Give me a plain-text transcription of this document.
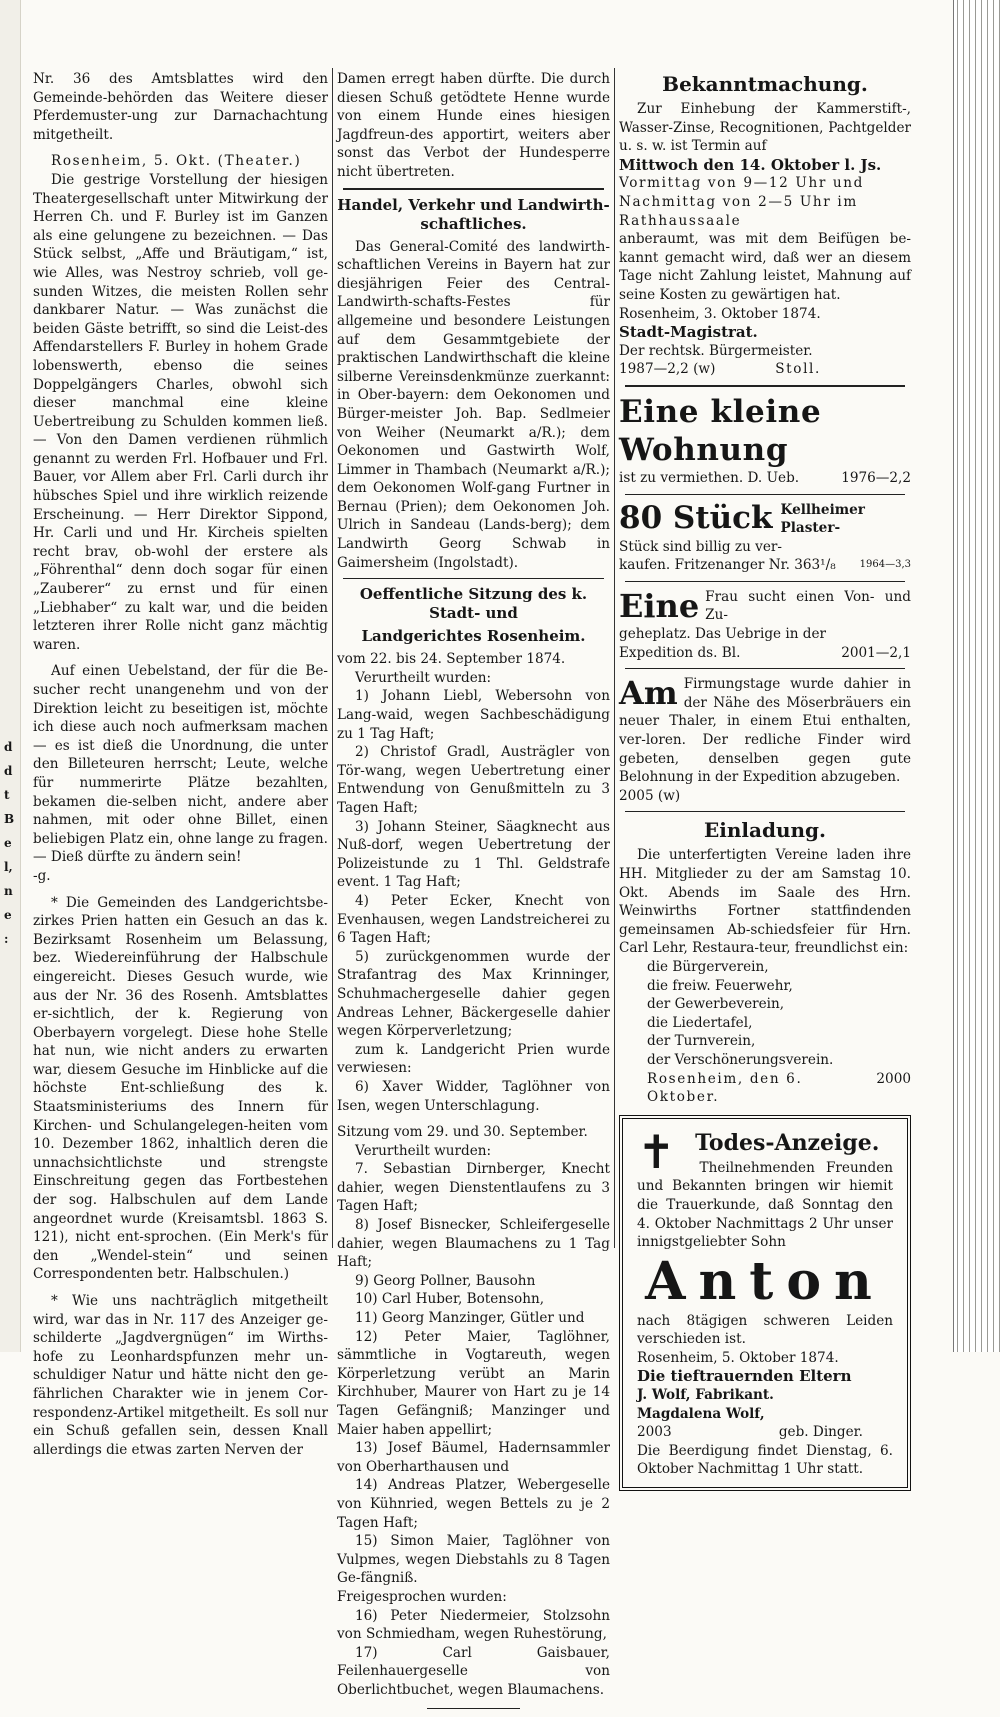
d
d
t
B
e
l,
n
e
:

Nr. 36 des Amtsblattes wird den Gemeinde-behörden das Weitere dieser Pferdemuster-ung zur Darnachachtung mitgetheilt.

Rosenheim, 5. Okt. (Theater.)

Die gestrige Vorstellung der hiesigen Theatergesellschaft unter Mitwirkung der Herren Ch. und F. Burley ist im Ganzen als eine gelungene zu bezeichnen. — Das Stück selbst, „Affe und Bräutigam,“ ist, wie Alles, was Nestroy schrieb, voll ge-sunden Witzes, die meisten Rollen sehr dankbarer Natur. — Was zunächst die beiden Gäste betrifft, so sind die Leist-des Affendarstellers F. Burley in hohem Grade lobenswerth, ebenso die seines Doppelgängers Charles, obwohl sich dieser manchmal eine kleine Uebertreibung zu Schulden kommen ließ. — Von den Damen verdienen rühmlich genannt zu werden Frl. Hofbauer und Frl. Bauer, vor Allem aber Frl. Carli durch ihr hübsches Spiel und ihre wirklich reizende Erscheinung. — Herr Direktor Sippond, Hr. Carli und und Hr. Kircheis spielten recht brav, ob-wohl der erstere als „Föhrenthal“ denn doch sogar für einen „Zauberer“ zu ernst und für einen „Liebhaber“ zu kalt war, und die beiden letzteren ihrer Rolle nicht ganz mächtig waren.

Auf einen Uebelstand, der für die Be-sucher recht unangenehm und von der Direktion leicht zu beseitigen ist, möchte ich diese auch noch aufmerksam machen — es ist dieß die Unordnung, die unter den Billeteuren herrscht; Leute, welche für nummerirte Plätze bezahlten, bekamen die-selben nicht, andere aber nahmen, mit oder ohne Billet, einen beliebigen Platz ein, ohne lange zu fragen. — Dieß dürfte zu ändern sein!

-g.

* Die Gemeinden des Landgerichtsbe-zirkes Prien hatten ein Gesuch an das k. Bezirksamt Rosenheim um Belassung, bez. Wiedereinführung der Halbschule eingereicht. Dieses Gesuch wurde, wie aus der Nr. 36 des Rosenh. Amtsblattes er-sichtlich, der k. Regierung von Oberbayern vorgelegt. Diese hohe Stelle hat nun, wie nicht anders zu erwarten war, diesem Gesuche im Hinblicke auf die höchste Ent-schließung des k. Staatsministeriums des Innern für Kirchen- und Schulangelegen-heiten vom 10. Dezember 1862, inhaltlich deren die unnachsichtlichste und strengste Einschreitung gegen das Fortbestehen der sog. Halbschulen auf dem Lande angeordnet wurde (Kreisamtsbl. 1863 S. 121), nicht ent-sprochen. (Ein Merk's für den „Wendel-stein“ und seinen Correspondenten betr. Halbschulen.)

* Wie uns nachträglich mitgetheilt wird, war das in Nr. 117 des Anzeiger ge-schilderte „Jagdvergnügen“ im Wirths-hofe zu Leonhardspfunzen mehr un-schuldiger Natur und hätte nicht den ge-fährlichen Charakter wie in jenem Cor-respondenz-Artikel mitgetheilt. Es soll nur ein Schuß gefallen sein, dessen Knall allerdings die etwas zarten Nerven der

Damen erregt haben dürfte. Die durch diesen Schuß getödtete Henne wurde von einem Hunde eines hiesigen Jagdfreun-des apportirt, weiters aber sonst das Verbot der Hundesperre nicht übertreten.

Handel, Verkehr und Landwirth-schaftliches.

Das General-Comité des landwirth-schaftlichen Vereins in Bayern hat zur diesjährigen Feier des Central-Landwirth-schafts-Festes für allgemeine und besondere Leistungen auf dem Gesammtgebiete der praktischen Landwirthschaft die kleine silberne Vereinsdenkmünze zuerkannt: in Ober-bayern: dem Oekonomen und Bürger-meister Joh. Bap. Sedlmeier von Weiher (Neumarkt a/R.); dem Oekonomen und Gastwirth Wolf, Limmer in Thambach (Neumarkt a/R.); dem Oekonomen Wolf-gang Furtner in Bernau (Prien); dem Oekonomen Joh. Ulrich in Sandeau (Lands-berg); dem Landwirth Georg Schwab in Gaimersheim (Ingolstadt).

Oeffentliche Sitzung des k. Stadt- und
Landgerichtes Rosenheim.

vom 22. bis 24. September 1874.

Verurtheilt wurden:

1) Johann Liebl, Webersohn von Lang-waid, wegen Sachbeschädigung zu 1 Tag Haft;

2) Christof Gradl, Austrägler von Tör-wang, wegen Uebertretung einer Entwendung von Genußmitteln zu 3 Tagen Haft;

3) Johann Steiner, Säagknecht aus Nuß-dorf, wegen Uebertretung der Polizeistunde zu 1 Thl. Geldstrafe event. 1 Tag Haft;

4) Peter Ecker, Knecht von Evenhausen, wegen Landstreicherei zu 6 Tagen Haft;

5) zurückgenommen wurde der Strafantrag des Max Krinninger, Schuhmachergeselle dahier gegen Andreas Lehner, Bäckergeselle dahier wegen Körperverletzung;

zum k. Landgericht Prien wurde verwiesen:

6) Xaver Widder, Taglöhner von Isen, wegen Unterschlagung.

Sitzung vom 29. und 30. September.

Verurtheilt wurden:

7. Sebastian Dirnberger, Knecht dahier, wegen Dienstentlaufens zu 3 Tagen Haft;

8) Josef Bisnecker, Schleifergeselle dahier, wegen Blaumachens zu 1 Tag Haft;

9) Georg Pollner, Bausohn

10) Carl Huber, Botensohn,

11) Georg Manzinger, Gütler und

12) Peter Maier, Taglöhner, sämmtliche in Vogtareuth, wegen Körperletzung verübt an Marin Kirchhuber, Maurer von Hart zu je 14 Tagen Gefängniß; Manzinger und Maier haben appellirt;

13) Josef Bäumel, Hadernsammler von Oberharthausen und

14) Andreas Platzer, Webergeselle von Kühnried, wegen Bettels zu je 2 Tagen Haft;

15) Simon Maier, Taglöhner von Vulpmes, wegen Diebstahls zu 8 Tagen Ge-fängniß.

Freigesprochen wurden:

16) Peter Niedermeier, Stolzsohn von Schmiedham, wegen Ruhestörung,

17) Carl Gaisbauer, Feilenhauergeselle von Oberlichtbuchet, wegen Blaumachens.

Bekanntmachung.

Zur Einhebung der Kammerstift-, Wasser-Zinse, Recognitionen, Pachtgelder u. s. w. ist Termin auf

Mittwoch den 14. Oktober l. Js.

Vormittag von 9—12 Uhr und

Nachmittag von 2—5 Uhr im

Rathhaussaale

anberaumt, was mit dem Beifügen be-kannt gemacht wird, daß wer an diesem Tage nicht Zahlung leistet, Mahnung auf seine Kosten zu gewärtigen hat.

Rosenheim, 3. Oktober 1874.

Stadt-Magistrat.

Der rechtsk. Bürgermeister.

1987—2,2 (w)	Stoll.
Eine kleine Wohnung
ist zu vermiethen. D. Ueb.	1976—2,2
80 Stück Kellheimer Plaster-

Stück sind billig zu ver-

kaufen. Fritzenanger Nr. 363¹/₈ 1964—3,3
Eine Frau sucht einen Von- und Zu-

geheplatz. Das Uebrige in der

Expedition ds. Bl.	2001—2,1
Am Firmungstage wurde dahier in der Nähe des Möserbräuers ein neuer Thaler, in einem Etui enthalten, ver-loren. Der redliche Finder wird gebeten, denselben gegen gute Belohnung in der Expedition abzugeben.

2005 (w)

Einladung.

Die unterfertigten Vereine laden ihre HH. Mitglieder zu der am Samstag 10. Okt. Abends im Saale des Hrn. Weinwirths Fortner stattfindenden gemeinsamen Ab-schiedsfeier für Hrn. Carl Lehr, Restaura-teur, freundlichst ein:

die Bürgerverein,

die freiw. Feuerwehr,

der Gewerbeverein,

die Liedertafel,

der Turnverein,

der Verschönerungsverein.

Rosenheim, den 6. Oktober.
2000
✝ Todes-Anzeige.

Theilnehmenden Freunden und Bekannten bringen wir hiemit die Trauerkunde, daß Sonntag den 4. Oktober Nachmittags 2 Uhr unser innigstgeliebter Sohn

Anton

nach 8tägigen schweren Leiden verschieden ist.

Rosenheim, 5. Oktober 1874.

Die tieftrauernden Eltern

J. Wolf, Fabrikant.

Magdalena Wolf,

2003	geb. Dinger.

Die Beerdigung findet Dienstag, 6. Oktober Nachmittag 1 Uhr statt.
